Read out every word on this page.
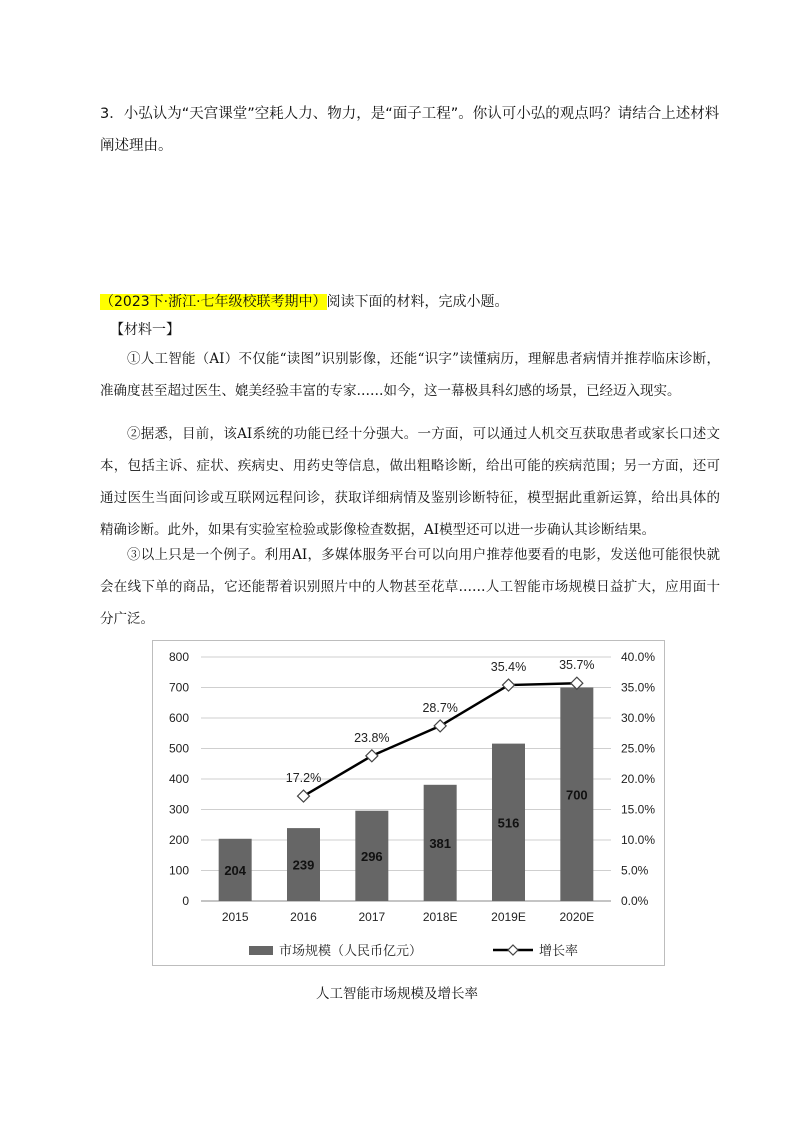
3．小弘认为“天宫课堂”空耗人力、物力，是“面子工程”。你认可小弘的观点吗？请结合上述材料
阐述理由。
（2023下·浙江·七年级校联考期中）阅读下面的材料，完成小题。
【材料一】
①人工智能（AI）不仅能“读图”识别影像，还能“识字”读懂病历，理解患者病情并推荐临床诊断，准确度甚至超过医生、媲美经验丰富的专家……如今，这一幕极具科幻感的场景，已经迈入现实。
②据悉，目前，该AI系统的功能已经十分强大。一方面，可以通过人机交互获取患者或家长口述文本，包括主诉、症状、疾病史、用药史等信息，做出粗略诊断，给出可能的疾病范围；另一方面，还可通过医生当面问诊或互联网远程问诊，获取详细病情及鉴别诊断特征，模型据此重新运算，给出具体的精确诊断。此外，如果有实验室检验或影像检查数据，AI模型还可以进一步确认其诊断结果。
③以上只是一个例子。利用AI，多媒体服务平台可以向用户推荐他要看的电影，发送他可能很快就会在线下单的商品，它还能帮着识别照片中的人物甚至花草……人工智能市场规模日益扩大，应用面十分广泛。
0
100
200
300
400
500
600
700
800
0.0%
5.0%
10.0%
15.0%
20.0%
25.0%
30.0%
35.0%
40.0%
2015	2016	2017	2018E	2019E	2020E
204	239
296
381
516
700
17.2%
23.8%
28.7%
35.4%	35.7%
市场规模（人民币亿元）	增长率
人工智能市场规模及增长率
